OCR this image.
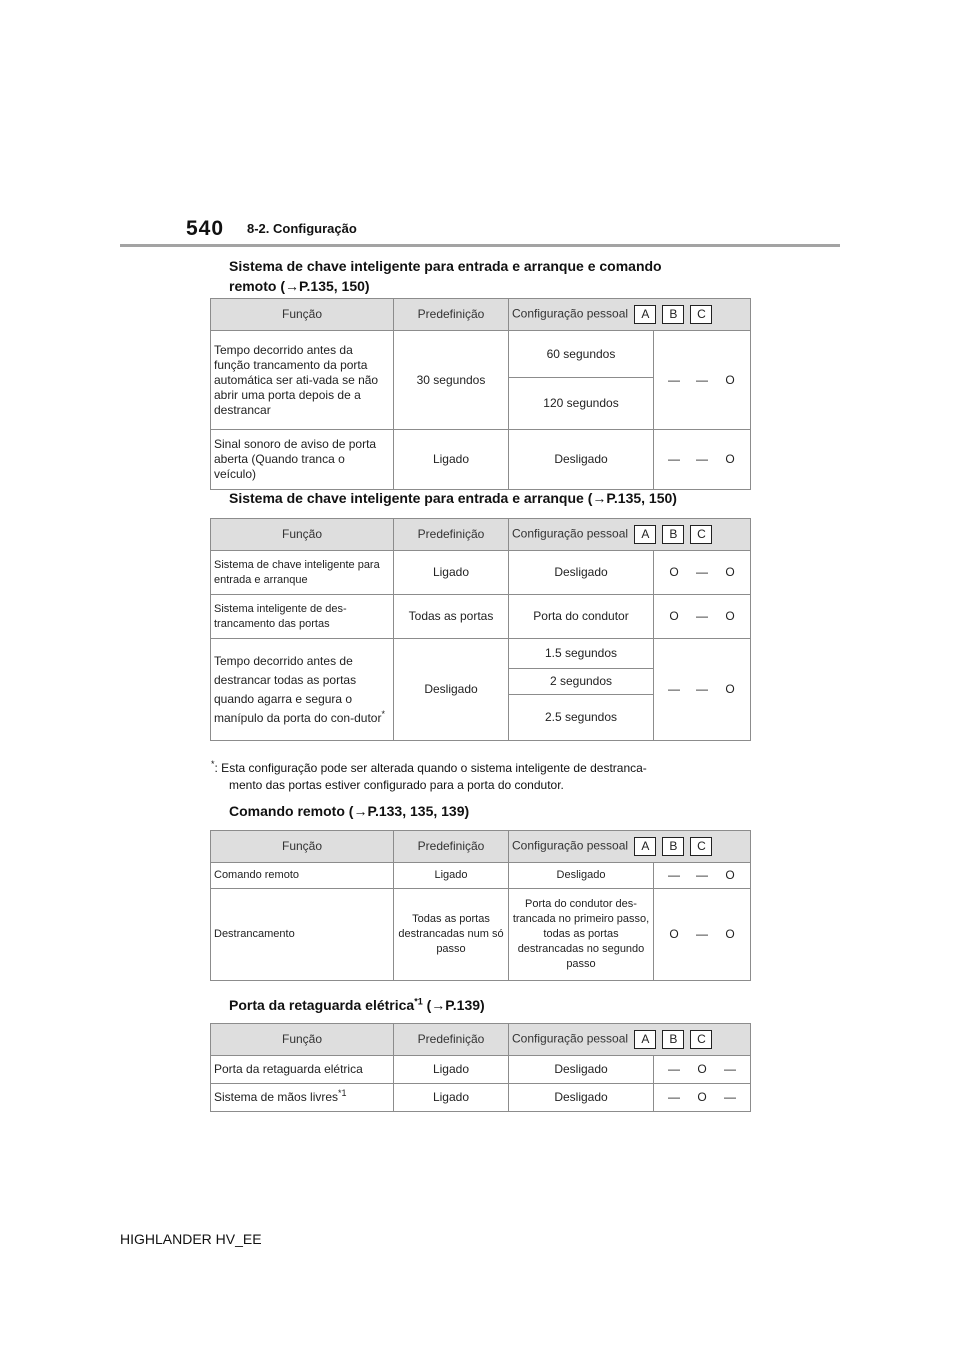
540 8-2. Configuração
Sistema de chave inteligente para entrada e arranque e comando
remoto (→P.135, 150)
Função	Predefinição	Configuração pessoal A B C	
Tempo decorrido antes da função trancamento da porta automática ser ati-vada se não abrir uma porta depois de a destrancar	30 segundos	60 segundos	— — O
		120 segundos	
Sinal sonoro de aviso de porta aberta (Quando tranca o veículo)	Ligado	Desligado	— — O
Sistema de chave inteligente para entrada e arranque (→P.135, 150)
Função	Predefinição	Configuração pessoal A B C	
Sistema de chave inteligente para entrada e arranque	Ligado	Desligado	O — O
Sistema inteligente de des-trancamento das portas	Todas as portas	Porta do condutor	O — O
Tempo decorrido antes de destrancar todas as portas quando agarra e segura o manípulo da porta do con-dutor*	Desligado	1.5 segundos	— — O
		2 segundos	
		2.5 segundos	
*: Esta configuração pode ser alterada quando o sistema inteligente de destranca-
mento das portas estiver configurado para a porta do condutor.
Comando remoto (→P.133, 135, 139)
Função	Predefinição	Configuração pessoal A B C	
Comando remoto	Ligado	Desligado	— — O
Destrancamento	Todas as portas destrancadas num só passo	Porta do condutor des-trancada no primeiro passo, todas as portas destrancadas no segundo passo	O — O
Porta da retaguarda elétrica$^{*1}$ (→P.139)
Função	Predefinição	Configuração pessoal A B C	
Porta da retaguarda elétrica	Ligado	Desligado	— O —
Sistema de mãos livres$^{*1}$	Ligado	Desligado	— O —
HIGHLANDER HV_EE
